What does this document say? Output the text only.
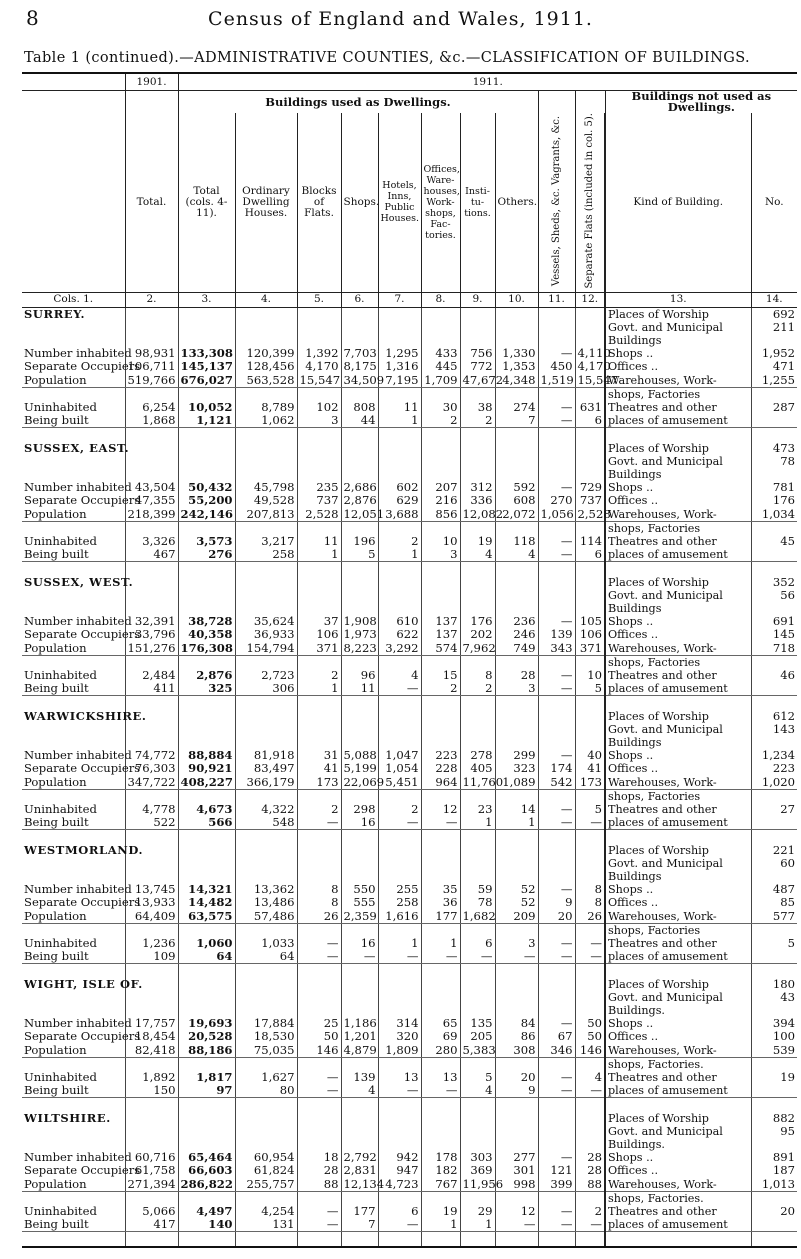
8	Census of England and Wales, 1911.
Table 1 (continued).—ADMINISTRATIVE COUNTIES, &c.—CLASSIFICATION OF BUILDINGS.
	1901.	1911.											
		Buildings used as Dwellings.										Buildings not used as Dwellings.	
	Total.	Total (cols. 4-11).	Ordinary Dwelling Houses.	Blocks of Flats.	Shops.	Hotels, Inns, Public Houses.	Offices, Ware-houses, Work-shops, Fac-tories.	Insti-tu-tions.	Others.	Vessels, Sheds, &c. Vagrants, &c.	Separate Flats (included in col. 5).	Kind of Building.	No.
Cols. 1.	2.	3.	4.	5.	6.	7.	8.	9.	10.	11.	12.	13.	14.
SURREY.												Places of Worship	692
												Govt. and Municipal	211
												Buildings	
Number inhabited	98,931	133,308	120,399	1,392	7,703	1,295	433	756	1,330	—	4,110	Shops ..	1,952
Separate Occupiers	106,711	145,137	128,456	4,170	8,175	1,316	445	772	1,353	450	4,170	Offices ..	471
Population	519,766	676,027	563,528	15,547	34,509	7,195	1,709	47,672	4,348	1,519	15,547	Warehouses, Work-	1,255
												shops, Factories	
Uninhabited	6,254	10,052	8,789	102	808	11	30	38	274	—	631	Theatres and other	287
Being built	1,868	1,121	1,062	3	44	1	2	2	7	—	6	places of amusement	

SUSSEX, EAST.												Places of Worship	473
												Govt. and Municipal	78
												Buildings	
Number inhabited	43,504	50,432	45,798	235	2,686	602	207	312	592	—	729	Shops ..	781
Separate Occupiers	47,355	55,200	49,528	737	2,876	629	216	336	608	270	737	Offices ..	176
Population	218,399	242,146	207,813	2,528	12,051	3,688	856	12,082	2,072	1,056	2,528	Warehouses, Work-	1,034
												shops, Factories	
Uninhabited	3,326	3,573	3,217	11	196	2	10	19	118	—	114	Theatres and other	45
Being built	467	276	258	1	5	1	3	4	4	—	6	places of amusement	

SUSSEX, WEST.												Places of Worship	352
												Govt. and Municipal	56
												Buildings	
Number inhabited	32,391	38,728	35,624	37	1,908	610	137	176	236	—	105	Shops ..	691
Separate Occupiers	33,796	40,358	36,933	106	1,973	622	137	202	246	139	106	Offices ..	145
Population	151,276	176,308	154,794	371	8,223	3,292	574	7,962	749	343	371	Warehouses, Work-	718
												shops, Factories	
Uninhabited	2,484	2,876	2,723	2	96	4	15	8	28	—	10	Theatres and other	46
Being built	411	325	306	1	11	—	2	2	3	—	5	places of amusement	

WARWICKSHIRE.												Places of Worship	612
												Govt. and Municipal	143
												Buildings	
Number inhabited	74,772	88,884	81,918	31	5,088	1,047	223	278	299	—	40	Shops ..	1,234
Separate Occupiers	76,303	90,921	83,497	41	5,199	1,054	228	405	323	174	41	Offices ..	223
Population	347,722	408,227	366,179	173	22,069	5,451	964	11,760	1,089	542	173	Warehouses, Work-	1,020
												shops, Factories	
Uninhabited	4,778	4,673	4,322	2	298	2	12	23	14	—	5	Theatres and other	27
Being built	522	566	548	—	16	—	—	1	1	—	—	places of amusement	

WESTMORLAND.												Places of Worship	221
												Govt. and Municipal	60
												Buildings	
Number inhabited	13,745	14,321	13,362	8	550	255	35	59	52	—	8	Shops ..	487
Separate Occupiers	13,933	14,482	13,486	8	555	258	36	78	52	9	8	Offices ..	85
Population	64,409	63,575	57,486	26	2,359	1,616	177	1,682	209	20	26	Warehouses, Work-	577
												shops, Factories	
Uninhabited	1,236	1,060	1,033	—	16	1	1	6	3	—	—	Theatres and other	5
Being built	109	64	64	—	—	—	—	—	—	—	—	places of amusement	

WIGHT, ISLE OF.												Places of Worship	180
												Govt. and Municipal	43
												Buildings.	
Number inhabited	17,757	19,693	17,884	25	1,186	314	65	135	84	—	50	Shops ..	394
Separate Occupiers	18,454	20,528	18,530	50	1,201	320	69	205	86	67	50	Offices ..	100
Population	82,418	88,186	75,035	146	4,879	1,809	280	5,383	308	346	146	Warehouses, Work-	539
												shops, Factories.	
Uninhabited	1,892	1,817	1,627	—	139	13	13	5	20	—	4	Theatres and other	19
Being built	150	97	80	—	4	—	—	4	9	—	—	places of amusement	

WILTSHIRE.												Places of Worship	882
												Govt. and Municipal	95
												Buildings.	
Number inhabited	60,716	65,464	60,954	18	2,792	942	178	303	277	—	28	Shops ..	891
Separate Occupiers	61,758	66,603	61,824	28	2,831	947	182	369	301	121	28	Offices ..	187
Population	271,394	286,822	255,757	88	12,134	4,723	767	11,956	998	399	88	Warehouses, Work-	1,013
												shops, Factories.	
Uninhabited	5,066	4,497	4,254	—	177	6	19	29	12	—	2	Theatres and other	20
Being built	417	140	131	—	7	—	1	1	—	—	—	places of amusement	
